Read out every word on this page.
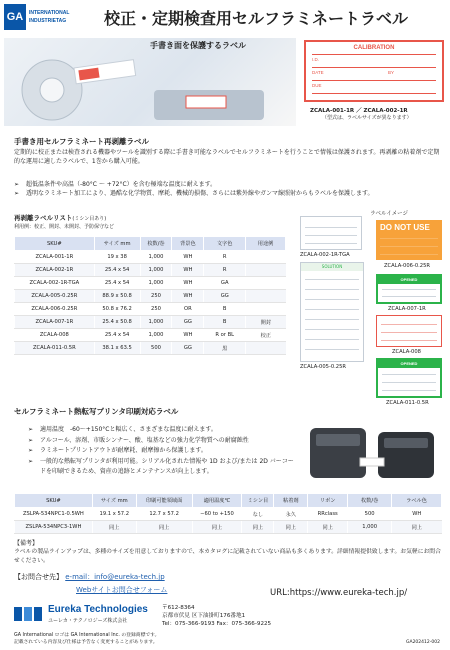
GA	INTERNATIONAL
INDUSTRIETAG 校正・定期検査用セルフラミネートラベル
手書き面を保護するラベル	CALIBRATION
I.D.
DATE	BY
DUE
ZCALA-001-1R ／ ZCALA-002-1R
（型式は、ラベルサイズが異なります）
手書き用セルフラミネート再剥離ラベル
定期的に校正または検査される機器やツールを識別する際に手書き可能なラベルでセルフラミネートを行うことで情報は保護されます。再剥離の粘着剤で定期的な運用に適したラベルで、1巻から購入可能。
➢ 超低温条件や高温（-80°C ～ +72°C）を含む極端な温度に耐えます。
➢ 透明なラミネート加工により、過酷な化学物質、摩耗、機械的損傷、さらには紫外線やガンマ線照射からもラベルを保護します。
再剥離ラベルリスト(ミシン目あり)
利用例：校正、開封、未開封、予防保守など
ラベルイメージ
SKU#	サイズ mm	枚数/巻	背景色	文字色	用途例
ZCALA-001-1R	19 x 38	1,000	WH	R	
ZCALA-002-1R	25.4 x 54	1,000	WH	R	
ZCALA-002-1R-TGA	25.4 x 54	1,000	WH	GA	
ZCALA-005-0.25R	88.9 x 50.8	250	WH	GG	
ZCALA-006-0.25R	50.8 x 76.2	250	OR	B	
ZCALA-007-1R	25.4 x 50.8	1,000	GG	B	開封
ZCALA-008	25.4 x 54	1,000	WH	R or BL	校正
ZCALA-011-0.5R	38.1 x 63.5	500	GG	黒	
ZCALA-002-1R-TGA
SOLUTION
ZCALA-005-0.25R
DO NOT USE
ZCALA-006-0.25R
OPENED
ZCALA-007-1R
ZCALA-008
OPENED
ZCALA-011-0.5R
セルフラミネート熱転写プリンタ印刷対応ラベル
➢ 適用温度　-60～+150°Cと幅広く、さまざまな温度に耐えます。
➢ アルコール、溶剤、市販シンナー、酸、塩基などの強力化学物質への耐腐蝕性
➢ ラミネートプリントアウトが耐摩耗、耐摩擦から保護します。
➢ 一般的な熱転写プリンタが利用可能。シリアル化された情報や 1D および/または 2D バーコードを印刷できるため、資産の追跡とメンテナンスが向上します。
SKU#	サイズ mm	印刷可能領域面	適用温度℃	ミシン目	粘着剤	リボン	枚数/巻	ラベル色
ZSLPA-534NPC1-0.5WH	19.1 x 57.2	12.7 x 57.2	−60 to +150	なし	永久	RRclass	500	WH
ZSLPA-534NPC3-1WH	同上	同上	同上	同上	同上	同上	1,000	同上
【備考】
ラベルの製品ラインアップは、多種のサイズを用意しておりますので、本カタログに記載されていない商品も多くあります。詳細情報提供致します。お気軽にお問合せください。
【お問合せ先】 e-mail：info@eureka-tech.jp
Webサイトお問合せフォーム	URL:https://www.eureka-tech.jp/
Eureka Technologies
ユーレカ・テクノロジーズ株式会社
〒612-8364
京都市伏見 区下油掛町176番地1
Tel：075-366-9193 Fax：075-366-9225
GA International ロゴは GA International Inc. の登録商標です。
記載されている内容及び仕様は予告なく変更することがあります。	GA202412-002
